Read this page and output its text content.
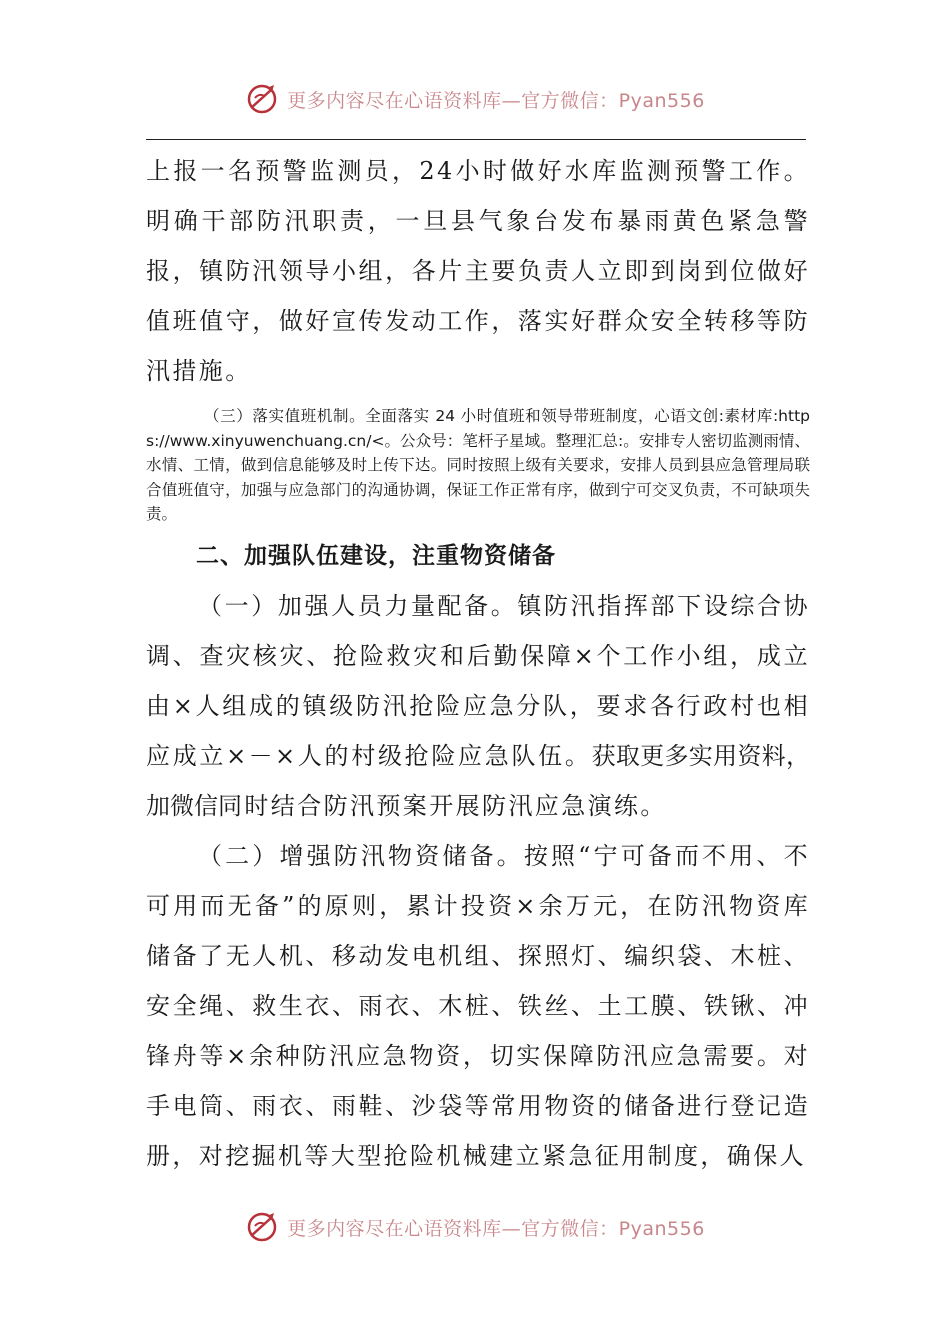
更多内容尽在心语资料库—官方微信：Pyan556

上报一名预警监测员，24小时做好水库监测预警工作。明确干部防汛职责，一旦县气象台发布暴雨黄色紧急警报，镇防汛领导小组，各片主要负责人立即到岗到位做好值班值守，做好宣传发动工作，落实好群众安全转移等防汛措施。

（三）落实值班机制。全面落实 24 小时值班和领导带班制度，心语文创:素材库:https://www.xinyuwenchuang.cn/<。公众号：笔杆子星域。整理汇总:。安排专人密切监测雨情、水情、工情，做到信息能够及时上传下达。同时按照上级有关要求，安排人员到县应急管理局联合值班值守，加强与应急部门的沟通协调，保证工作正常有序，做到宁可交叉负责，不可缺项失责。

二、加强队伍建设，注重物资储备

（一）加强人员力量配备。镇防汛指挥部下设综合协调、查灾核灾、抢险救灾和后勤保障×个工作小组，成立由×人组成的镇级防汛抢险应急分队，要求各行政村也相应成立×－×人的村级抢险应急队伍。获取更多实用资料，加微信同时结合防汛预案开展防汛应急演练。

（二）增强防汛物资储备。按照“宁可备而不用、不可用而无备”的原则，累计投资×余万元，在防汛物资库储备了无人机、移动发电机组、探照灯、编织袋、木桩、安全绳、救生衣、雨衣、木桩、铁丝、土工膜、铁锹、冲锋舟等×余种防汛应急物资，切实保障防汛应急需要。对手电筒、雨衣、雨鞋、沙袋等常用物资的储备进行登记造册，对挖掘机等大型抢险机械建立紧急征用制度，确保人

更多内容尽在心语资料库—官方微信：Pyan556
